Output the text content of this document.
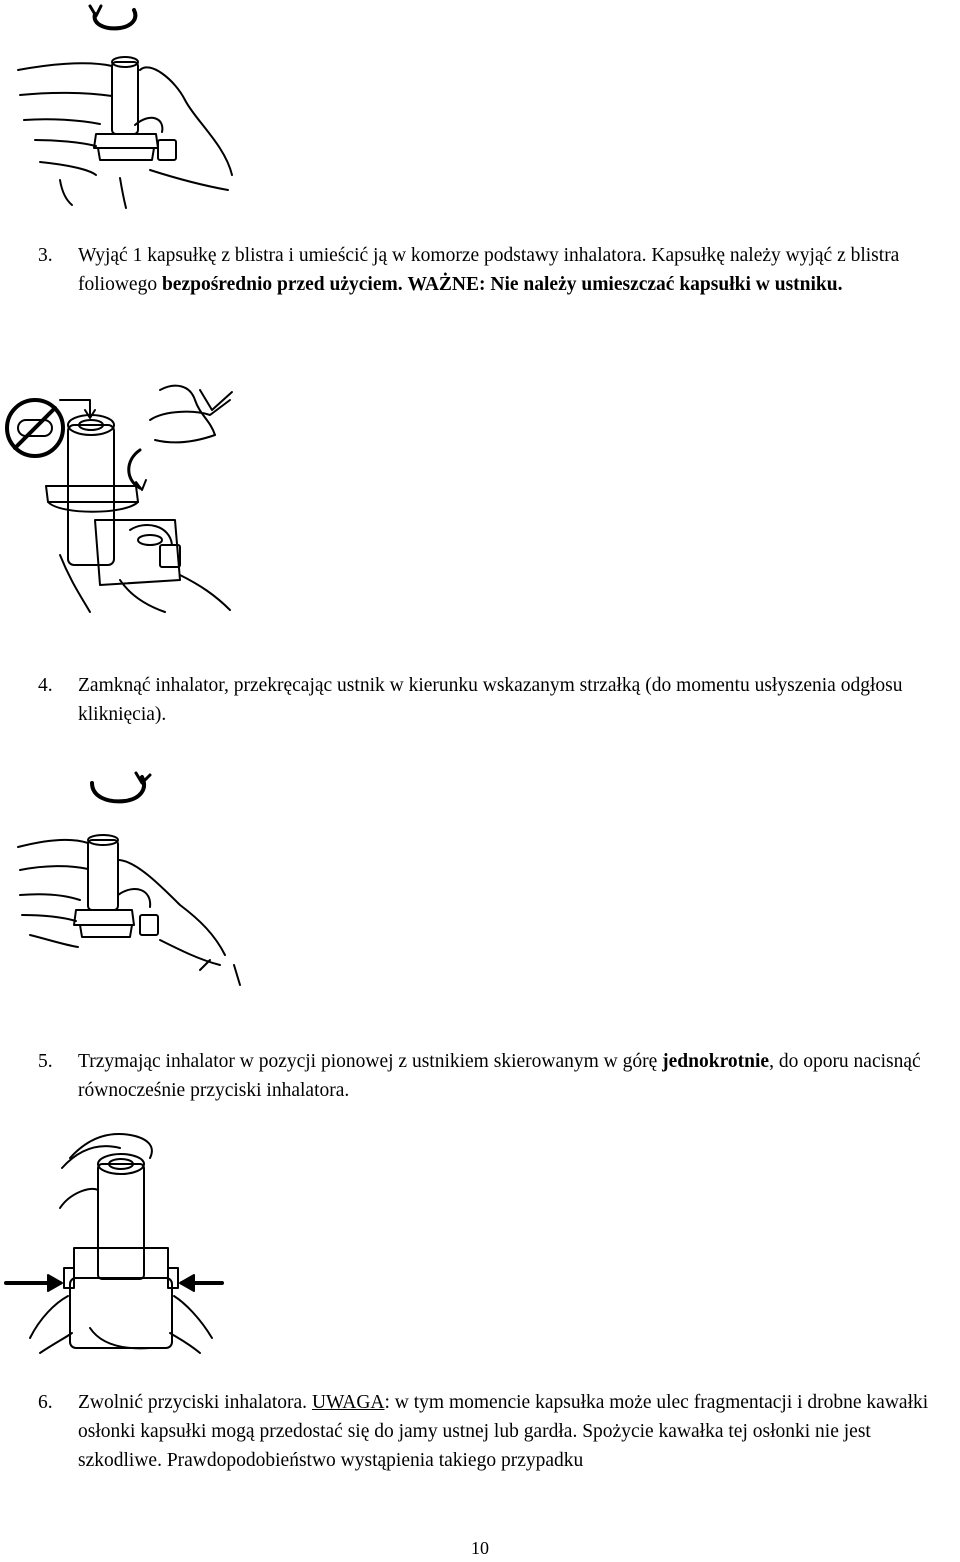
3. Wyjąć 1 kapsułkę z blistra i umieścić ją w komorze podstawy inhalatora. Kapsułkę należy wyjąć z blistra foliowego bezpośrednio przed użyciem. WAŻNE: Nie należy umieszczać kapsułki w ustniku.
4. Zamknąć inhalator, przekręcając ustnik w kierunku wskazanym strzałką (do momentu usłyszenia odgłosu kliknięcia).
5. Trzymając inhalator w pozycji pionowej z ustnikiem skierowanym w górę jednokrotnie, do oporu nacisnąć równocześnie przyciski inhalatora.
6. Zwolnić przyciski inhalatora. UWAGA: w tym momencie kapsułka może ulec fragmentacji i drobne kawałki osłonki kapsułki mogą przedostać się do jamy ustnej lub gardła. Spożycie kawałka tej osłonki nie jest szkodliwe. Prawdopodobieństwo wystąpienia takiego przypadku
10
